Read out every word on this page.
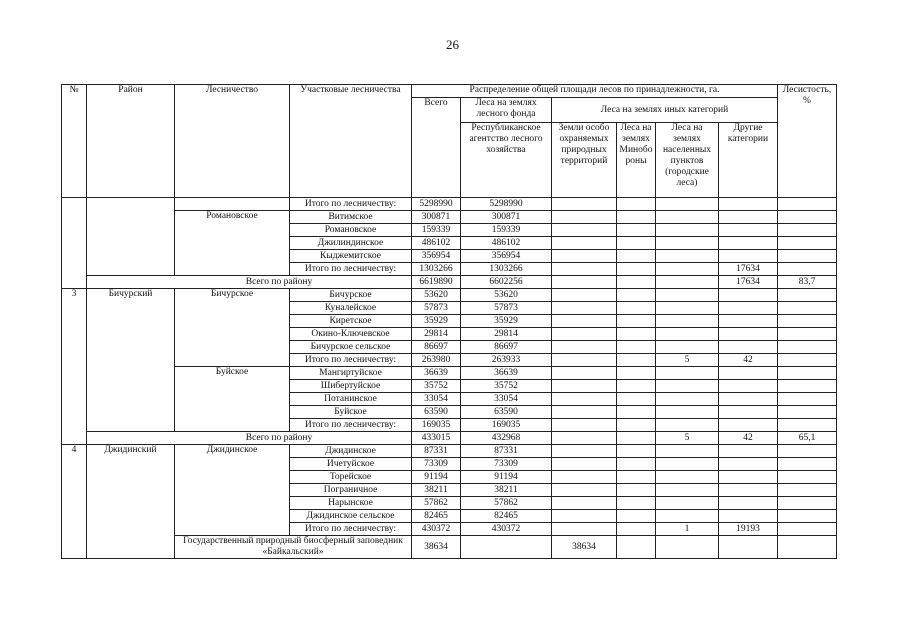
26
№	Район	Лесничество	Участковые лесничества	Распределение общей площади лесов по принадлежности, га.						Лесистость, %
				Всего	Леса на землях лесного фонда	Леса на землях иных категорий				
					Республиканское агентство лесного хозяйства	Земли особо охраняемых природных территорий	Леса на землях Минобо роны	Леса на землях населенных пунктов (городские леса)	Другие категории	
			Итого по лесничеству:	5298990	5298990					
		Романовское	Витимское	300871	300871					
			Романовское	159339	159339					
			Джилиндинское	486102	486102					
			Кыджемитское	356954	356954					
			Итого по лесничеству:	1303266	1303266				17634	
	Всего по району			6619890	6602256				17634	83,7
3	Бичурский	Бичурское	Бичурское	53620	53620					
			Куналейское	57873	57873					
			Киретское	35929	35929					
			Окино-Ключевское	29814	29814					
			Бичурское сельское	86697	86697					
			Итого по лесничеству:	263980	263933			5	42	
		Буйское	Мангиртуйское	36639	36639					
			Шибертуйское	35752	35752					
			Потанинское	33054	33054					
			Буйское	63590	63590					
			Итого по лесничеству:	169035	169035					
	Всего по району			433015	432968			5	42	65,1
4	Джидинский	Джидинское	Джидинское	87331	87331					
			Ичетуйское	73309	73309					
			Торейское	91194	91194					
			Пограничное	38211	38211					
			Нарынское	57862	57862					
			Джидинское сельское	82465	82465					
			Итого по лесничеству:	430372	430372			1	19193	
		Государственный природный биосферный заповедник «Байкальский»		38634		38634				
